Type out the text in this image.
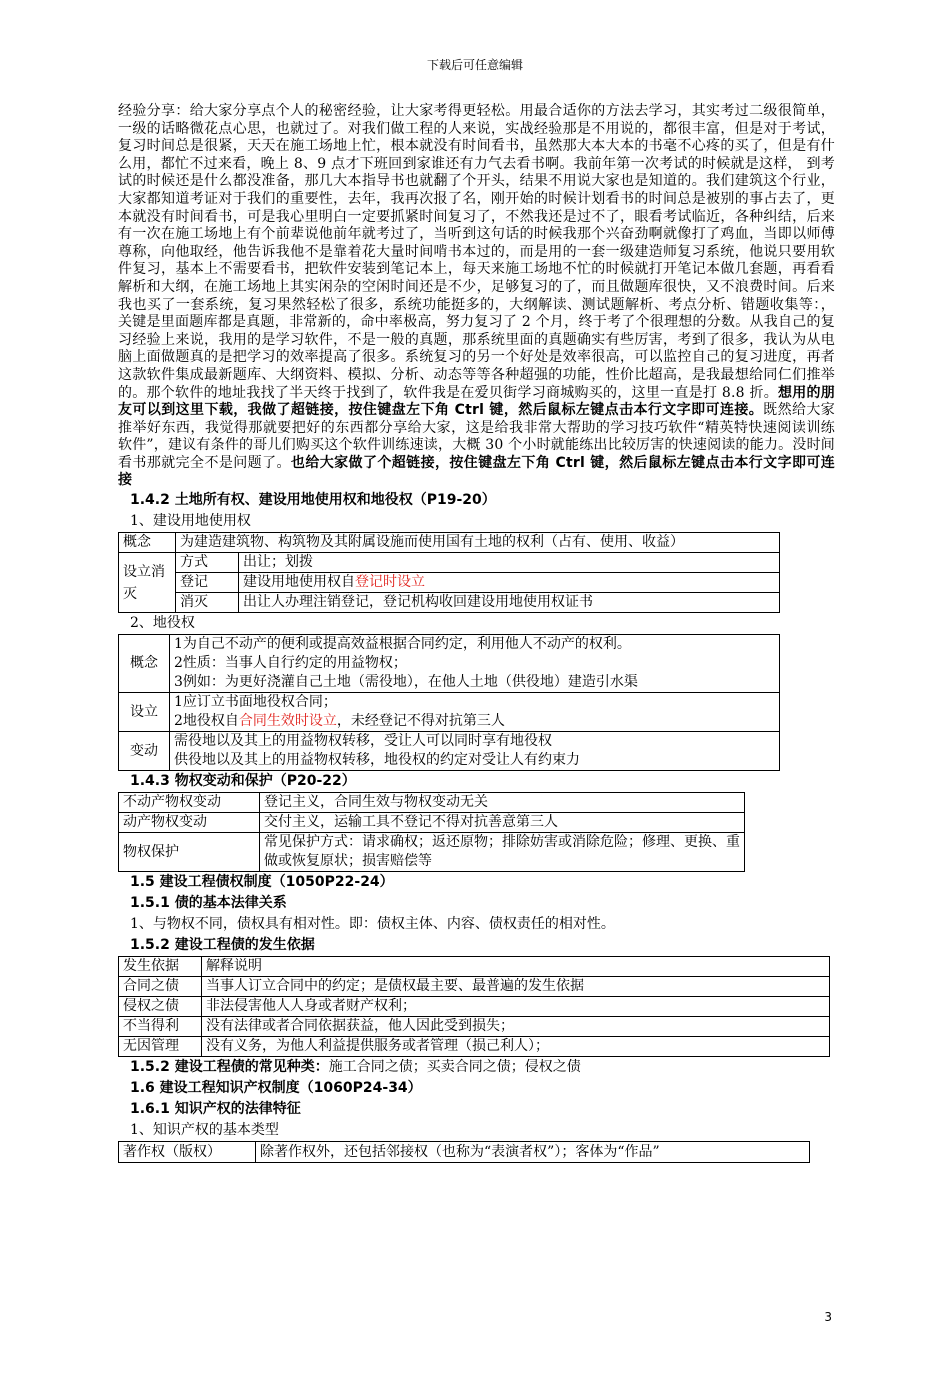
下载后可任意编辑

经验分享：给大家分享点个人的秘密经验，让大家考得更轻松。用最合适你的方法去学习，其实考过二级很简单，一级的话略微花点心思，也就过了。对我们做工程的人来说，实战经验那是不用说的，都很丰富，但是对于考试，复习时间总是很紧，天天在施工场地上忙，根本就没有时间看书，虽然那大本大本的书毫不心疼的买了，但是有什么用，都忙不过来看，晚上 8、9 点才下班回到家谁还有力气去看书啊。我前年第一次考试的时候就是这样， 到考试的时候还是什么都没准备，那几大本指导书也就翻了个开头，结果不用说大家也是知道的。我们建筑这个行业，大家都知道考证对于我们的重要性，去年，我再次报了名，刚开始的时候计划看书的时间总是被别的事占去了，更本就没有时间看书，可是我心里明白一定要抓紧时间复习了，不然我还是过不了，眼看考试临近，各种纠结，后来有一次在施工场地上有个前辈说他前年就考过了，当听到这句话的时候我那个兴奋劲啊就像打了鸡血，当即以师傅尊称，向他取经，他告诉我他不是靠着花大量时间啃书本过的，而是用的一套一级建造师复习系统，他说只要用软件复习，基本上不需要看书，把软件安装到笔记本上，每天来施工场地不忙的时候就打开笔记本做几套题，再看看解析和大纲，在施工场地上其实闲杂的空闲时间还是不少，足够复习的了，而且做题库很快，又不浪费时间。后来我也买了一套系统，复习果然轻松了很多，系统功能挺多的，大纲解读、测试题解析、考点分析、错题收集等：，关键是里面题库都是真题，非常新的，命中率极高，努力复习了 2 个月，终于考了个很理想的分数。从我自己的复习经验上来说，我用的是学习软件，不是一般的真题，那系统里面的真题确实有些厉害，考到了很多，我认为从电脑上面做题真的是把学习的效率提高了很多。系统复习的另一个好处是效率很高，可以监控自己的复习进度，再者这款软件集成最新题库、大纲资料、模拟、分析、动态等等各种超强的功能，性价比超高，是我最想给同仁们推举的。那个软件的地址我找了半天终于找到了，软件我是在爱贝街学习商城购买的，这里一直是打 8.8 折。想用的朋友可以到这里下载，我做了超链接，按住键盘左下角 Ctrl 键，然后鼠标左键点击本行文字即可连接。既然给大家推举好东西，我觉得那就要把好的东西都分享给大家，这是给我非常大帮助的学习技巧软件“精英特快速阅读训练软件”，建议有条件的哥儿们购买这个软件训练速读，大概 30 个小时就能练出比较厉害的快速阅读的能力。没时间看书那就完全不是问题了。也给大家做了个超链接，按住键盘左下角 Ctrl 键，然后鼠标左键点击本行文字即可连接

1.4.2 土地所有权、建设用地使用权和地役权（P19-20）

1、建设用地使用权

概念	为建造建筑物、构筑物及其附属设施而使用国有土地的权利（占有、使用、收益）	
设立消灭	方式	出让；划拨
	登记	建设用地使用权自登记时设立
	消灭	出让人办理注销登记，登记机构收回建设用地使用权证书

2、地役权

概念	1为自己不动产的便利或提高效益根据合同约定，利用他人不动产的权利。
2性质：当事人自行约定的用益物权；
3例如：为更好浇灌自己土地（需役地），在他人土地（供役地）建造引水渠

设立	1应订立书面地役权合同；
2地役权自合同生效时设立，未经登记不得对抗第三人

变动	需役地以及其上的用益物权转移，受让人可以同时享有地役权
供役地以及其上的用益物权转移，地役权的约定对受让人有约束力

1.4.3 物权变动和保护（P20-22）

不动产物权变动	登记主义，合同生效与物权变动无关
动产物权变动	交付主义，运输工具不登记不得对抗善意第三人
物权保护	常见保护方式：请求确权；返还原物；排除妨害或消除危险；修理、更换、重做或恢复原状；损害赔偿等

1.5 建设工程债权制度（1050P22-24）

1.5.1 债的基本法律关系

1、与物权不同，债权具有相对性。即：债权主体、内容、债权责任的相对性。

1.5.2 建设工程债的发生依据

发生依据	解释说明
合同之债	当事人订立合同中的约定；是债权最主要、最普遍的发生依据
侵权之债	非法侵害他人人身或者财产权利；
不当得利	没有法律或者合同依据获益，他人因此受到损失；
无因管理	没有义务，为他人利益提供服务或者管理（损己利人）；

1.5.2 建设工程债的常见种类：施工合同之债；买卖合同之债；侵权之债

1.6 建设工程知识产权制度（1060P24-34）

1.6.1 知识产权的法律特征

1、知识产权的基本类型

著作权（版权）	除著作权外，还包括邻接权（也称为“表演者权”）；客体为“作品”
3
